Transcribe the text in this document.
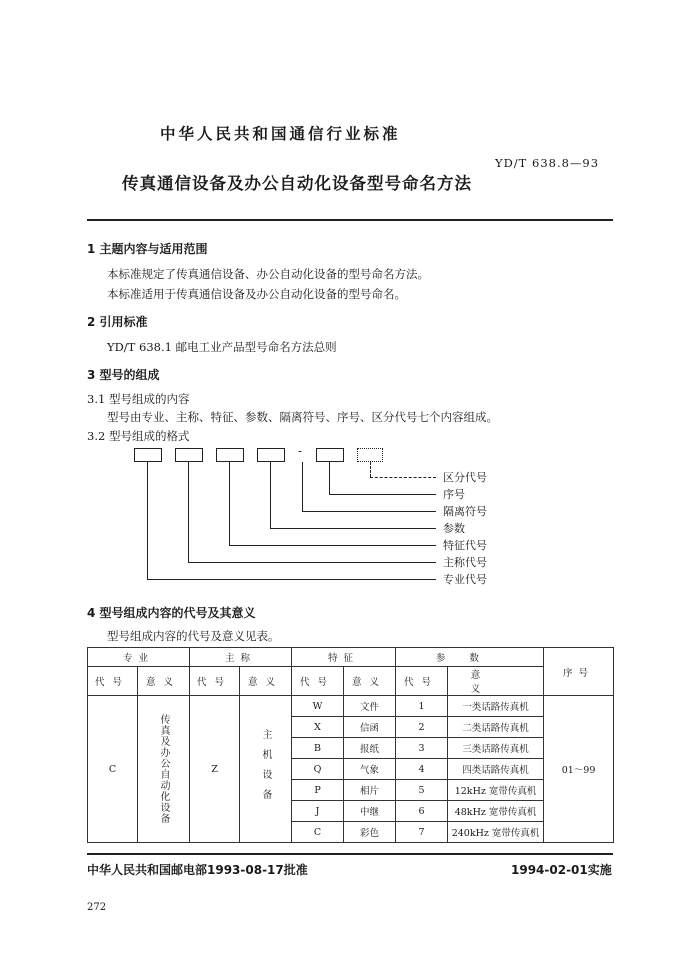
中华人民共和国通信行业标准
YD/T 638.8—93
传真通信设备及办公自动化设备型号命名方法
1 主题内容与适用范围
本标准规定了传真通信设备、办公自动化设备的型号命名方法。
本标准适用于传真通信设备及办公自动化设备的型号命名。
2 引用标准
YD/T 638.1 邮电工业产品型号命名方法总则
3 型号的组成
3.1 型号组成的内容
型号由专业、主称、特征、参数、隔离符号、序号、区分代号七个内容组成。
3.2 型号组成的格式
-
区分代号
序号
隔离符号
参数
特征代号
主称代号
专业代号
4 型号组成内容的代号及其意义
型号组成内容的代号及意义见表。
专业		主称		特征		参数		序号
代号	意义	代号	意义	代号	意义	代号	意义	
C	传真及办公自动化设备	Z	主机设备	W	文件	1	一类话路传真机	01～99
				X	信函	2	二类话路传真机	
				B	报纸	3	三类话路传真机	
				Q	气象	4	四类话路传真机	
				P	相片	5	12kHz 宽带传真机	
				J	中继	6	48kHz 宽带传真机	
				C	彩色	7	240kHz 宽带传真机	
中华人民共和国邮电部1993-08-17批准	1994-02-01实施
272
